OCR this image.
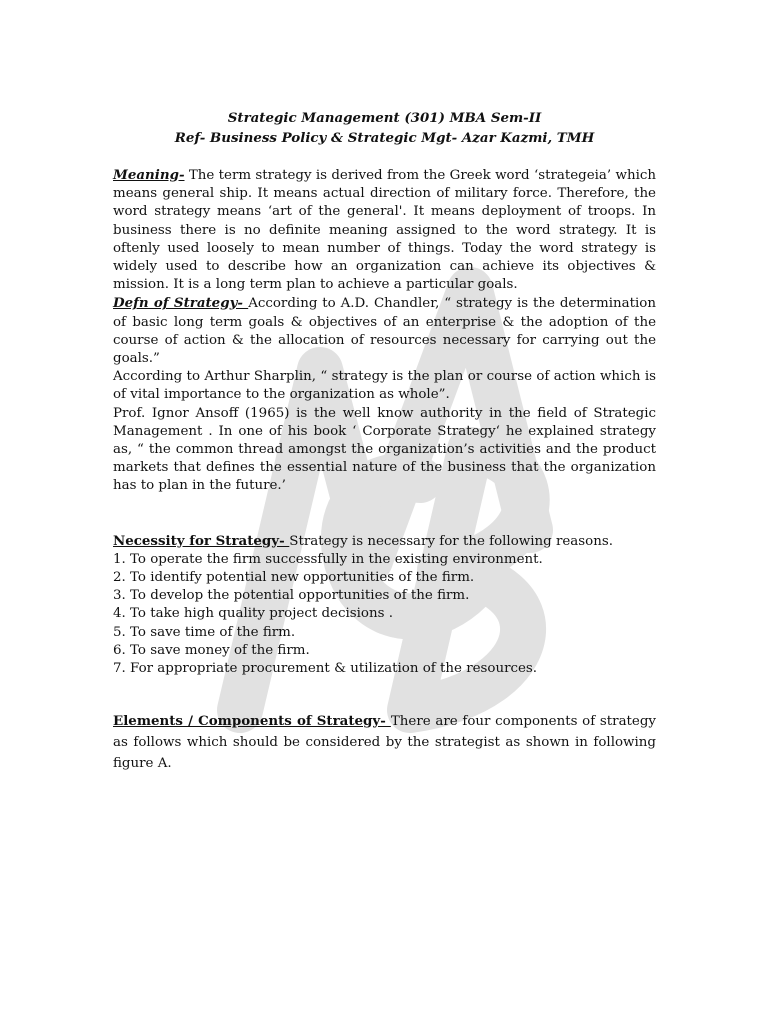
Strategic Management (301) MBA Sem-II
Ref- Business Policy & Strategic Mgt- Azar Kazmi, TMH
Meaning- The term strategy is derived from the Greek word ‘strategeia’ which means general ship. It means actual direction of military force. Therefore, the word strategy means ‘art of the general'. It means deployment of troops. In business there is no definite meaning assigned to the word strategy. It is oftenly used loosely to mean number of things. Today the word strategy is widely used to describe how an organization can achieve its objectives & mission. It is a long term plan to achieve a particular goals.
Defn of Strategy- According to A.D. Chandler, “ strategy is the determination of basic long term goals & objectives of an enterprise & the adoption of the course of action & the allocation of resources necessary for carrying out the goals.”
According to Arthur Sharplin, “ strategy is the plan or course of action which is of vital importance to the organization as whole”.
Prof. Ignor Ansoff (1965) is the well know authority in the field of Strategic Management . In one of his book ‘ Corporate Strategy‘ he explained strategy as, “ the common thread amongst the organization’s activities and the product markets that defines the essential nature of the business that the organization has to plan in the future.’
Necessity for Strategy- Strategy is necessary for the following reasons.
1. To operate the firm successfully in the existing environment.
2. To identify potential new opportunities of the firm.
3. To develop the potential opportunities of the firm.
4. To take high quality project decisions .
5. To save time of the firm.
6. To save money of the firm.
7. For appropriate procurement & utilization of the resources.
Elements / Components of Strategy- There are four components of strategy as follows which should be considered by the strategist as shown in following figure A.
